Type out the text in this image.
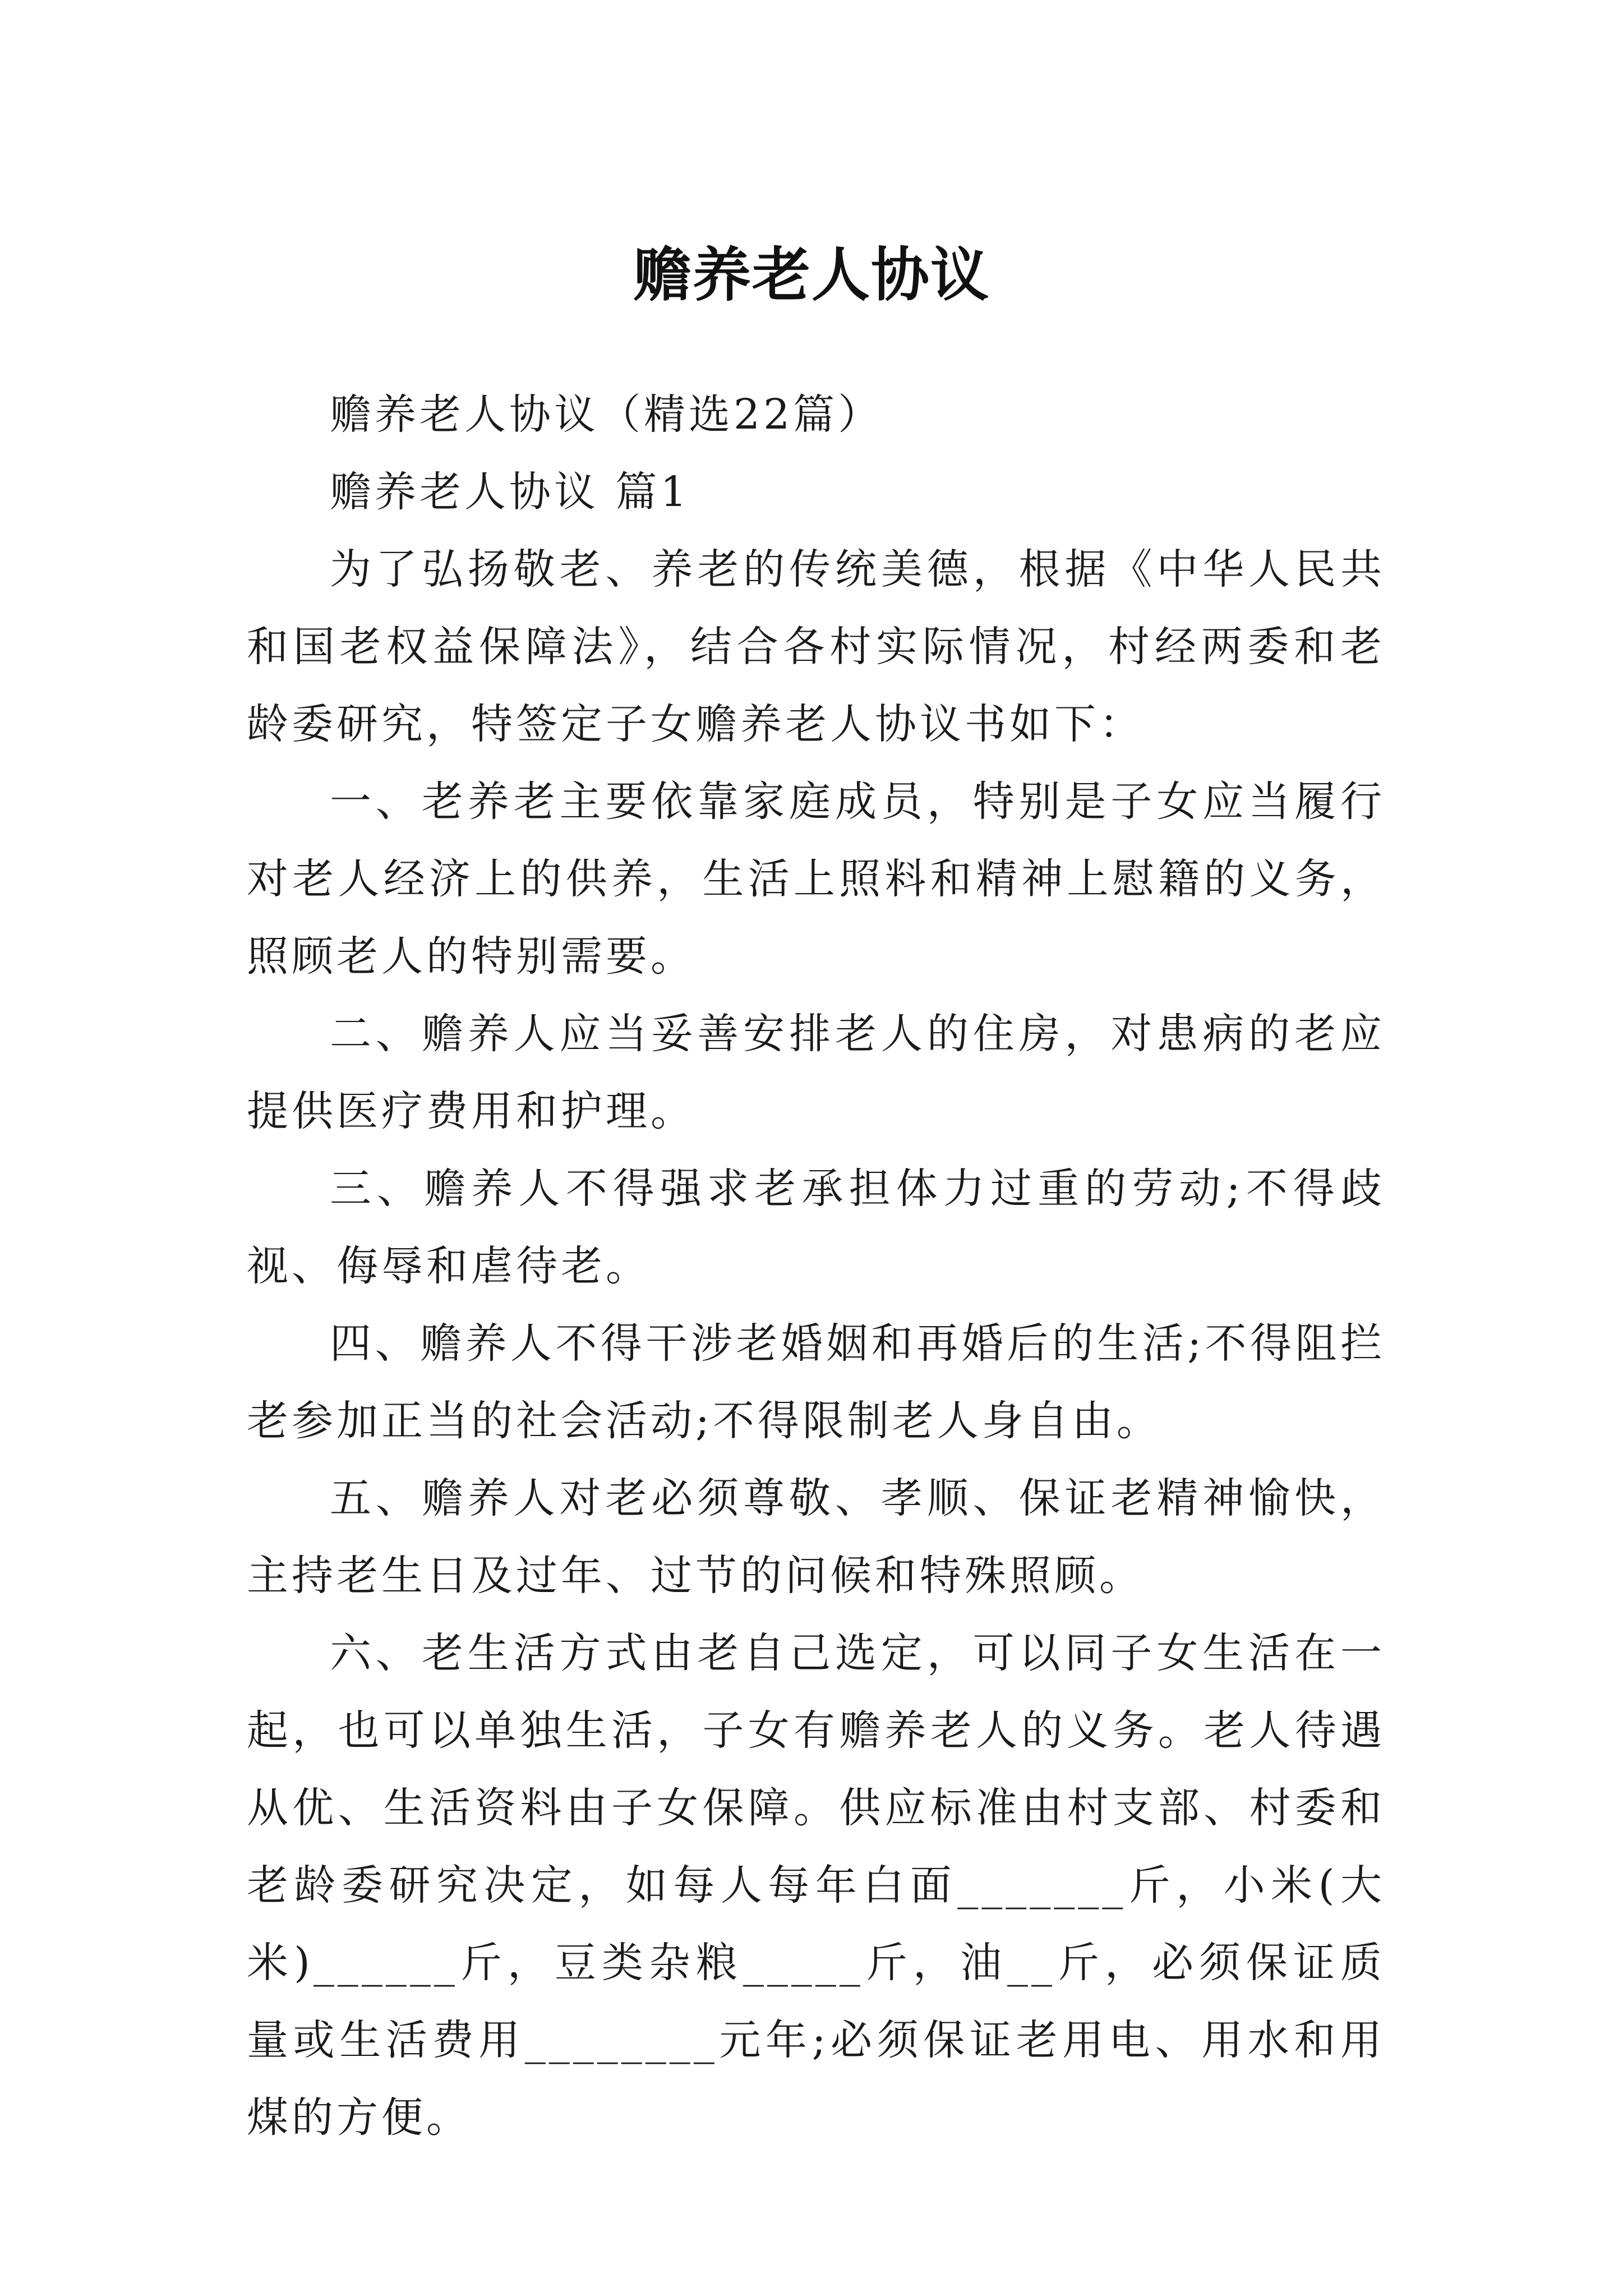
赡养老人协议

赡养老人协议（精选22篇）

赡养老人协议 篇1

为了弘扬敬老、养老的传统美德，根据《中华人民共和国老权益保障法》，结合各村实际情况，村经两委和老龄委研究，特签定子女赡养老人协议书如下：

一、老养老主要依靠家庭成员，特别是子女应当履行对老人经济上的供养，生活上照料和精神上慰籍的义务，照顾老人的特别需要。

二、赡养人应当妥善安排老人的住房，对患病的老应提供医疗费用和护理。

三、赡养人不得强求老承担体力过重的劳动;不得歧视、侮辱和虐待老。

四、赡养人不得干涉老婚姻和再婚后的生活;不得阻拦老参加正当的社会活动;不得限制老人身自由。

五、赡养人对老必须尊敬、孝顺、保证老精神愉快，主持老生日及过年、过节的问候和特殊照顾。

六、老生活方式由老自己选定，可以同子女生活在一起，也可以单独生活，子女有赡养老人的义务。老人待遇从优、生活资料由子女保障。供应标准由村支部、村委和老龄委研究决定，如每人每年白面_______斤，小米(大米)______斤，豆类杂粮_____斤，油__斤，必须保证质量或生活费用________元年;必须保证老用电、用水和用煤的方便。
